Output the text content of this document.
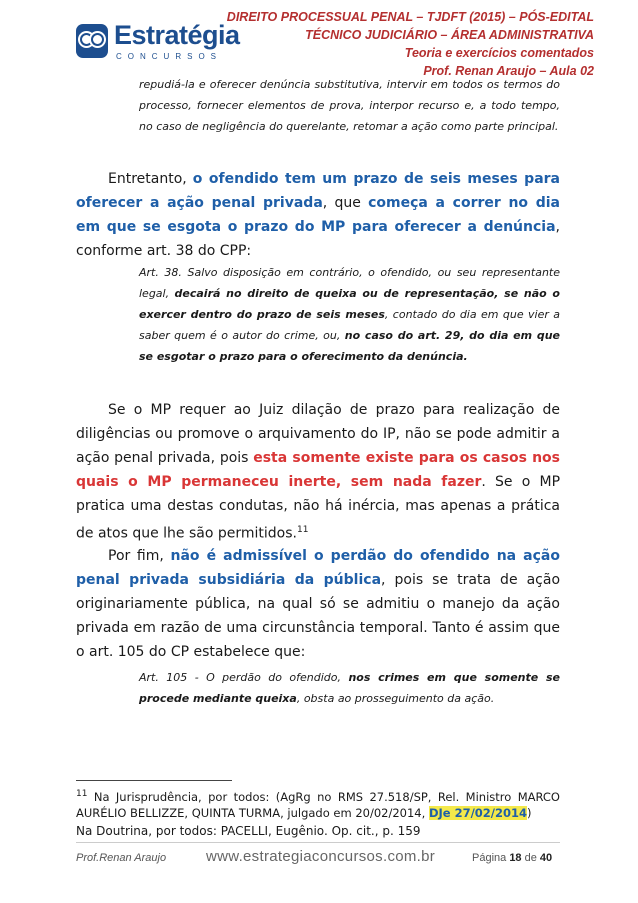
Estratégia
CONCURSOS
DIREITO PROCESSUAL PENAL – TJDFT (2015) – PÓS-EDITAL
TÉCNICO JUDICIÁRIO – ÁREA ADMINISTRATIVA
Teoria e exercícios comentados
Prof. Renan Araujo – Aula 02
repudiá-la e oferecer denúncia substitutiva, intervir em todos os termos do processo, fornecer elementos de prova, interpor recurso e, a todo tempo, no caso de negligência do querelante, retomar a ação como parte principal.
Entretanto, o ofendido tem um prazo de seis meses para oferecer a ação penal privada, que começa a correr no dia em que se esgota o prazo do MP para oferecer a denúncia, conforme art. 38 do CPP:
Art. 38. Salvo disposição em contrário, o ofendido, ou seu representante legal, decairá no direito de queixa ou de representação, se não o exercer dentro do prazo de seis meses, contado do dia em que vier a saber quem é o autor do crime, ou, no caso do art. 29, do dia em que se esgotar o prazo para o oferecimento da denúncia.
Se o MP requer ao Juiz dilação de prazo para realização de diligências ou promove o arquivamento do IP, não se pode admitir a ação penal privada, pois esta somente existe para os casos nos quais o MP permaneceu inerte, sem nada fazer. Se o MP pratica uma destas condutas, não há inércia, mas apenas a prática de atos que lhe são permitidos.$^{11}$
Por fim, não é admissível o perdão do ofendido na ação penal privada subsidiária da pública, pois se trata de ação originariamente pública, na qual só se admitiu o manejo da ação privada em razão de uma circunstância temporal. Tanto é assim que o art. 105 do CP estabelece que:
Art. 105 - O perdão do ofendido, nos crimes em que somente se procede mediante queixa, obsta ao prosseguimento da ação.
$^{11}$ Na Jurisprudência, por todos: (AgRg no RMS 27.518/SP, Rel. Ministro MARCO AURÉLIO BELLIZZE, QUINTA TURMA, julgado em 20/02/2014, DJe 27/02/2014)
Na Doutrina, por todos: PACELLI, Eugênio. Op. cit., p. 159
Prof.Renan Araujo	www.estrategiaconcursos.com.br	Página 18 de 40
